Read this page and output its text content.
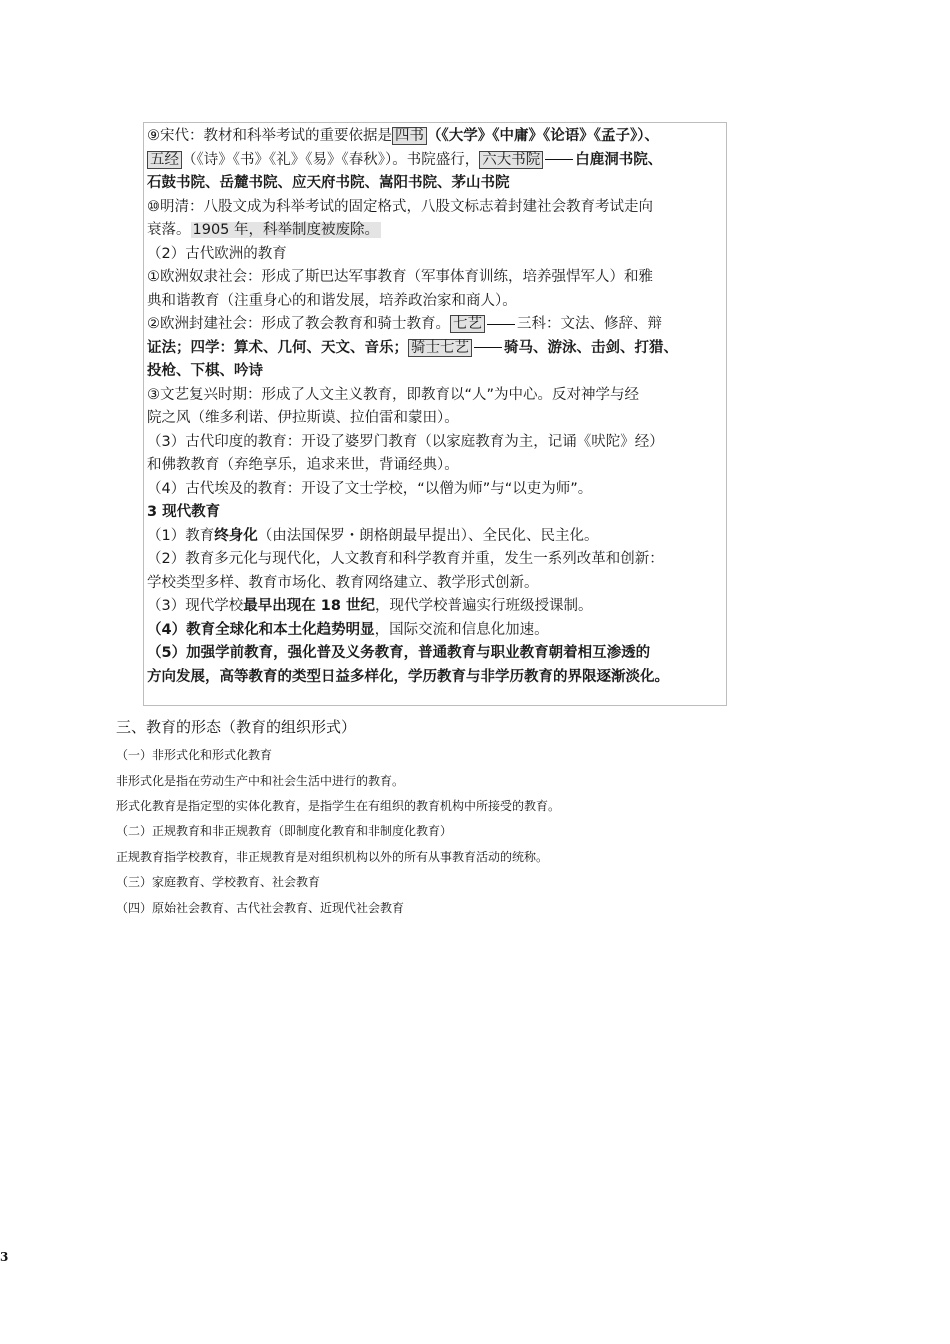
⑨宋代：教材和科举考试的重要依据是 四书 （《大学》《中庸》《论语》《孟子》）、
五经 （《诗》《书》《礼》《易》《春秋》）。书院盛行， 六大书院 白鹿洞书院、
石鼓书院、岳麓书院、应天府书院、嵩阳书院、茅山书院
⑩明清：八股文成为科举考试的固定格式，八股文标志着封建社会教育考试走向
衰落。 1905 年，科举制度被废除。
（2）古代欧洲的教育
①欧洲奴隶社会：形成了斯巴达军事教育（军事体育训练，培养强悍军人）和雅
典和谐教育（注重身心的和谐发展，培养政治家和商人）。
②欧洲封建社会：形成了教会教育和骑士教育。 七艺 三科：文法、修辞、辩
证法；四学：算术、几何、天文、音乐； 骑士七艺 骑马、游泳、击剑、打猎、
投枪、下棋、吟诗
③文艺复兴时期：形成了人文主义教育，即教育以“人”为中心。反对神学与经
院之风（维多利诺、伊拉斯谟、拉伯雷和蒙田）。
（3）古代印度的教育：开设了婆罗门教育（以家庭教育为主，记诵《吠陀》经）
和佛教教育（弃绝享乐，追求来世，背诵经典）。
（4）古代埃及的教育：开设了文士学校，“以僧为师”与“以吏为师”。
3 现代教育
（1）教育终身化（由法国保罗・朗格朗最早提出）、全民化、民主化。
（2）教育多元化与现代化，人文教育和科学教育并重，发生一系列改革和创新：
学校类型多样、教育市场化、教育网络建立、教学形式创新。
（3）现代学校最早出现在 18 世纪，现代学校普遍实行班级授课制。
（4）教育全球化和本土化趋势明显，国际交流和信息化加速。
（5）加强学前教育，强化普及义务教育，普通教育与职业教育朝着相互渗透的
方向发展，高等教育的类型日益多样化，学历教育与非学历教育的界限逐渐淡化。
三、教育的形态（教育的组织形式）
（一）非形式化和形式化教育
非形式化是指在劳动生产中和社会生活中进行的教育。
形式化教育是指定型的实体化教育，是指学生在有组织的教育机构中所接受的教育。
（二）正规教育和非正规教育（即制度化教育和非制度化教育）
正规教育指学校教育，非正规教育是对组织机构以外的所有从事教育活动的统称。
（三）家庭教育、学校教育、社会教育
（四）原始社会教育、古代社会教育、近现代社会教育
3
